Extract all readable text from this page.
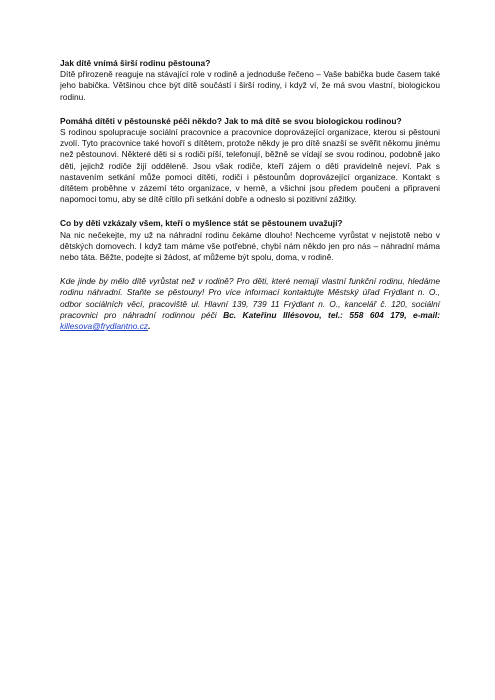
Jak dítě vnímá širší rodinu pěstouna?

Dítě přirozeně reaguje na stávající role v rodině a jednoduše řečeno – Vaše babička bude časem také jeho babička. Většinou chce být dítě součástí i širší rodiny, i když ví, že má svou vlastní, biologickou rodinu.

Pomáhá dítěti v pěstounské péči někdo? Jak to má dítě se svou biologickou rodinou?

S rodinou spolupracuje sociální pracovnice a pracovnice doprovázející organizace, kterou si pěstouni zvolí. Tyto pracovnice také hovoří s dítětem, protože někdy je pro dítě snazší se svěřit někomu jinému než pěstounovi. Některé děti si s rodiči píší, telefonují, běžně se vídají se svou rodinou, podobně jako děti, jejichž rodiče žijí odděleně. Jsou však rodiče, kteří zájem o děti pravidelně nejeví. Pak s nastavením setkání může pomoci dítěti, rodiči i pěstounům doprovázející organizace. Kontakt s dítětem proběhne v zázemí této organizace, v herně, a všichni jsou předem poučeni a připraveni napomoci tomu, aby se dítě cítilo při setkání dobře a odneslo si pozitivní zážitky.

Co by děti vzkázaly všem, kteří o myšlence stát se pěstounem uvažují?

Na nic nečekejte, my už na náhradní rodinu čekáme dlouho! Nechceme vyrůstat v nejistotě nebo v dětských domovech. I když tam máme vše potřebné, chybí nám někdo jen pro nás – náhradní máma nebo táta. Běžte, podejte si žádost, ať můžeme být spolu, doma, v rodině.

Kde jinde by mělo dítě vyrůstat než v rodině? Pro děti, které nemají vlastní funkční rodinu, hledáme rodinu náhradní. Staňte se pěstouny! Pro více informací kontaktujte Městský úřad Frýdlant n. O., odbor sociálních věcí, pracoviště ul. Hlavní 139, 739 11 Frýdlant n. O., kancelář č. 120, sociální pracovnici pro náhradní rodinnou péči Bc. Kateřinu Illésovou, tel.: 558 604 179, e-mail: killesova@frydlantno.cz.
